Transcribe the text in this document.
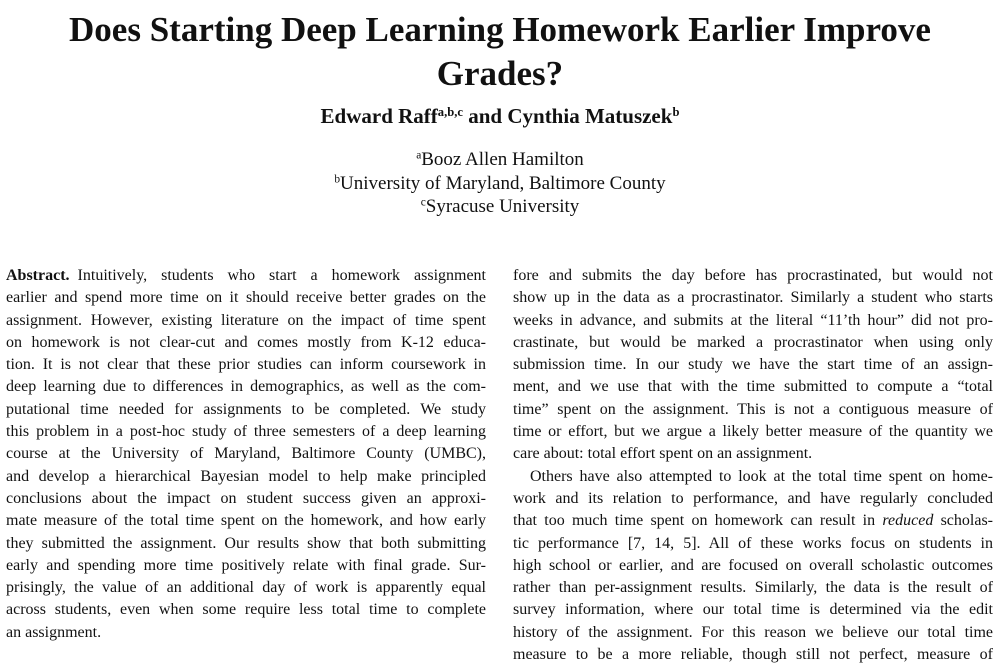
Does Starting Deep Learning Homework Earlier Improve
Grades?
Edward Raff$^{a,b,c}$ and Cynthia Matuszek$^b$
$^a$Booz Allen Hamilton
$^b$University of Maryland, Baltimore County
$^c$Syracuse University
Abstract. Intuitively, students who start a homework assignment
earlier and spend more time on it should receive better grades on the
assignment. However, existing literature on the impact of time spent
on homework is not clear-cut and comes mostly from K-12 educa-
tion. It is not clear that these prior studies can inform coursework in
deep learning due to differences in demographics, as well as the com-
putational time needed for assignments to be completed. We study
this problem in a post-hoc study of three semesters of a deep learning
course at the University of Maryland, Baltimore County (UMBC),
and develop a hierarchical Bayesian model to help make principled
conclusions about the impact on student success given an approxi-
mate measure of the total time spent on the homework, and how early
they submitted the assignment. Our results show that both submitting
early and spending more time positively relate with final grade. Sur-
prisingly, the value of an additional day of work is apparently equal
across students, even when some require less total time to complete
an assignment.
fore and submits the day before has procrastinated, but would not
show up in the data as a procrastinator. Similarly a student who starts
weeks in advance, and submits at the literal “11’th hour” did not pro-
crastinate, but would be marked a procrastinator when using only
submission time. In our study we have the start time of an assign-
ment, and we use that with the time submitted to compute a “total
time” spent on the assignment. This is not a contiguous measure of
time or effort, but we argue a likely better measure of the quantity we
care about: total effort spent on an assignment.
Others have also attempted to look at the total time spent on home-
work and its relation to performance, and have regularly concluded
that too much time spent on homework can result in reduced scholas-
tic performance [7, 14, 5]. All of these works focus on students in
high school or earlier, and are focused on overall scholastic outcomes
rather than per-assignment results. Similarly, the data is the result of
survey information, where our total time is determined via the edit
history of the assignment. For this reason we believe our total time
measure to be a more reliable, though still not perfect, measure of
